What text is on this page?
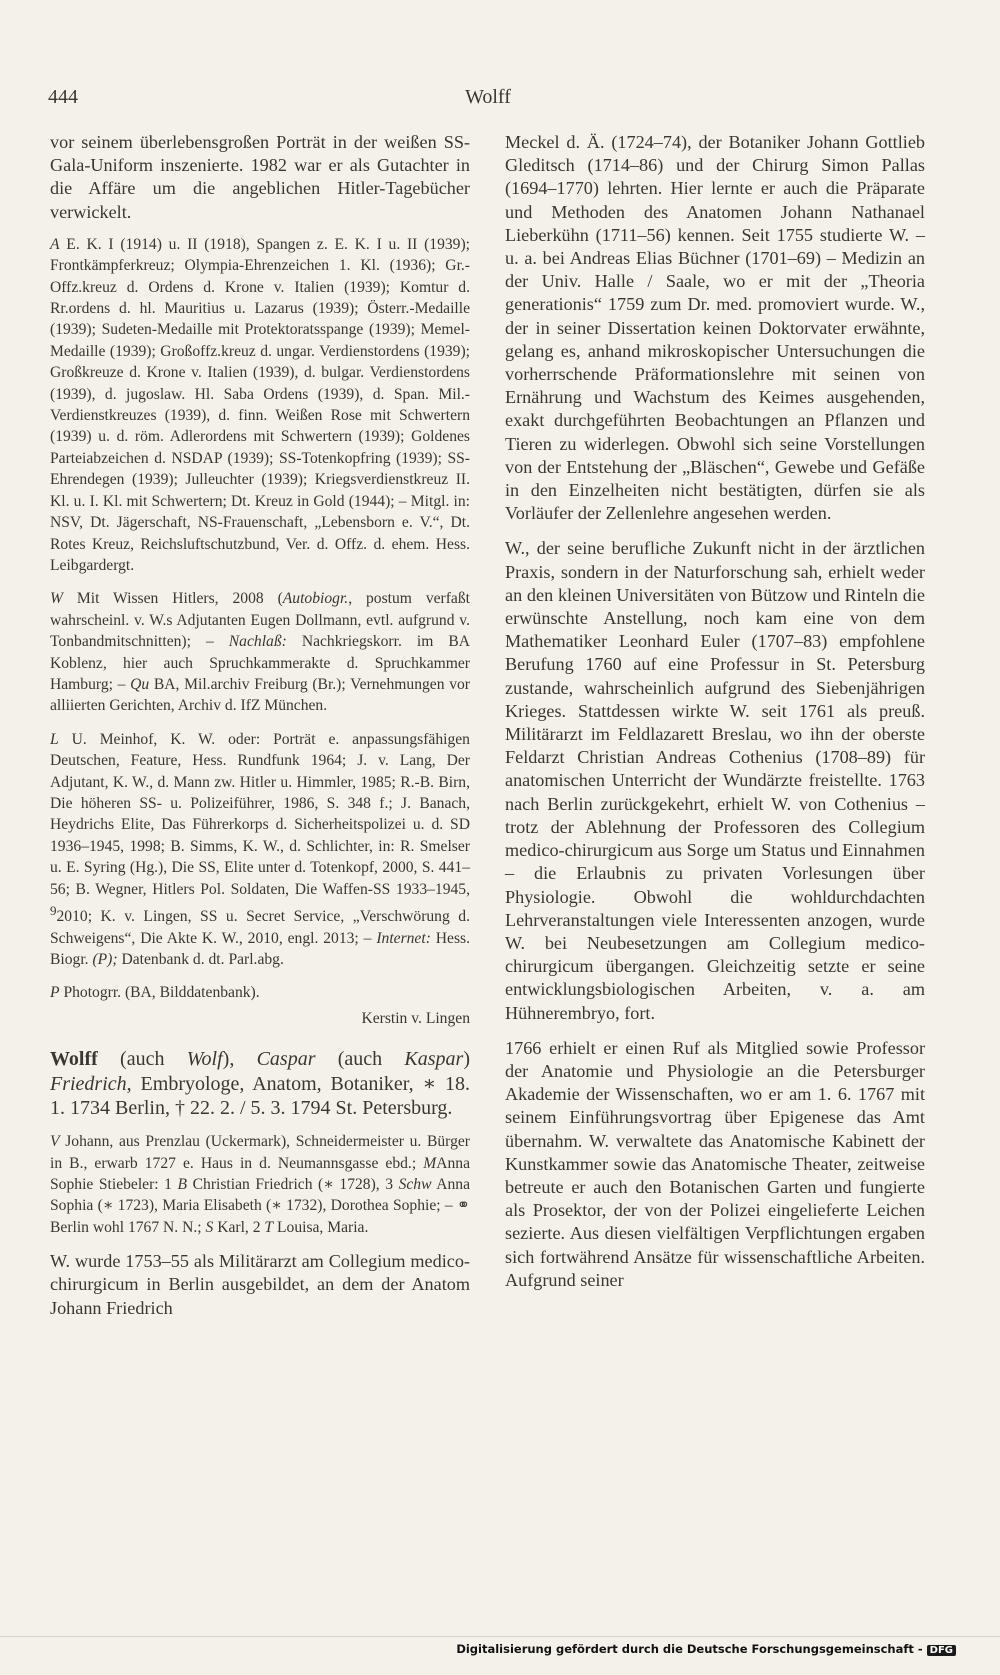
444	Wolff

vor seinem überlebensgroßen Porträt in der weißen SS-Gala-Uniform inszenierte. 1982 war er als Gutachter in die Affäre um die angeblichen Hitler-Tagebücher verwickelt.

A E. K. I (1914) u. II (1918), Spangen z. E. K. I u. II (1939); Frontkämpferkreuz; Olympia-Ehrenzeichen 1. Kl. (1936); Gr.-Offz.kreuz d. Ordens d. Krone v. Italien (1939); Komtur d. Rr.ordens d. hl. Mauritius u. Lazarus (1939); Österr.-Medaille (1939); Sudeten-Medaille mit Protektoratsspange (1939); Memel-Medaille (1939); Großoffz.kreuz d. ungar. Verdienstordens (1939); Großkreuze d. Krone v. Italien (1939), d. bulgar. Verdienstordens (1939), d. jugoslaw. Hl. Saba Ordens (1939), d. Span. Mil.-Verdienstkreuzes (1939), d. finn. Weißen Rose mit Schwertern (1939) u. d. röm. Adlerordens mit Schwertern (1939); Goldenes Parteiabzeichen d. NSDAP (1939); SS-Totenkopfring (1939); SS-Ehrendegen (1939); Julleuchter (1939); Kriegsverdienstkreuz II. Kl. u. I. Kl. mit Schwertern; Dt. Kreuz in Gold (1944); – Mitgl. in: NSV, Dt. Jägerschaft, NS-Frauenschaft, „Lebensborn e. V.“, Dt. Rotes Kreuz, Reichsluftschutzbund, Ver. d. Offz. d. ehem. Hess. Leibgardergt.

W Mit Wissen Hitlers, 2008 (Autobiogr., postum verfaßt wahrscheinl. v. W.s Adjutanten Eugen Dollmann, evtl. aufgrund v. Tonbandmitschnitten); – Nachlaß: Nachkriegskorr. im BA Koblenz, hier auch Spruchkammerakte d. Spruchkammer Hamburg; – Qu BA, Mil.archiv Freiburg (Br.); Vernehmungen vor alliierten Gerichten, Archiv d. IfZ München.

L U. Meinhof, K. W. oder: Porträt e. anpassungsfähigen Deutschen, Feature, Hess. Rundfunk 1964; J. v. Lang, Der Adjutant, K. W., d. Mann zw. Hitler u. Himmler, 1985; R.-B. Birn, Die höheren SS- u. Polizeiführer, 1986, S. 348 f.; J. Banach, Heydrichs Elite, Das Führerkorps d. Sicherheitspolizei u. d. SD 1936–1945, 1998; B. Simms, K. W., d. Schlichter, in: R. Smelser u. E. Syring (Hg.), Die SS, Elite unter d. Totenkopf, 2000, S. 441–56; B. Wegner, Hitlers Pol. Soldaten, Die Waffen-SS 1933–1945, $^9$2010; K. v. Lingen, SS u. Secret Service, „Verschwörung d. Schweigens“, Die Akte K. W., 2010, engl. 2013; – Internet: Hess. Biogr. (P); Datenbank d. dt. Parl.abg.

P Photogrr. (BA, Bilddatenbank).

Kerstin v. Lingen

Wolff (auch Wolf), Caspar (auch Kaspar) Friedrich, Embryologe, Anatom, Botaniker, ∗ 18. 1. 1734 Berlin, † 22. 2. / 5. 3. 1794 St. Petersburg.

V Johann, aus Prenzlau (Uckermark), Schneidermeister u. Bürger in B., erwarb 1727 e. Haus in d. Neumannsgasse ebd.; MAnna Sophie Stiebeler: 1 B Christian Friedrich (∗ 1728), 3 Schw Anna Sophia (∗ 1723), Maria Elisabeth (∗ 1732), Dorothea Sophie; – ⚭ Berlin wohl 1767 N. N.; S Karl, 2 T Louisa, Maria.

W. wurde 1753–55 als Militärarzt am Collegium medico-chirurgicum in Berlin ausgebildet, an dem der Anatom Johann Friedrich

Meckel d. Ä. (1724–74), der Botaniker Johann Gottlieb Gleditsch (1714–86) und der Chirurg Simon Pallas (1694–1770) lehrten. Hier lernte er auch die Präparate und Methoden des Anatomen Johann Nathanael Lieberkühn (1711–56) kennen. Seit 1755 studierte W. – u. a. bei Andreas Elias Büchner (1701–69) – Medizin an der Univ. Halle / Saale, wo er mit der „Theoria generationis“ 1759 zum Dr. med. promoviert wurde. W., der in seiner Dissertation keinen Doktorvater erwähnte, gelang es, anhand mikroskopischer Untersuchungen die vorherrschende Präformationslehre mit seinen von Ernährung und Wachstum des Keimes ausgehenden, exakt durchgeführten Beobachtungen an Pflanzen und Tieren zu widerlegen. Obwohl sich seine Vorstellungen von der Entstehung der „Bläschen“, Gewebe und Gefäße in den Einzelheiten nicht bestätigten, dürfen sie als Vorläufer der Zellenlehre angesehen werden.

W., der seine berufliche Zukunft nicht in der ärztlichen Praxis, sondern in der Naturforschung sah, erhielt weder an den kleinen Universitäten von Bützow und Rinteln die erwünschte Anstellung, noch kam eine von dem Mathematiker Leonhard Euler (1707–83) empfohlene Berufung 1760 auf eine Professur in St. Petersburg zustande, wahrscheinlich aufgrund des Siebenjährigen Krieges. Stattdessen wirkte W. seit 1761 als preuß. Militärarzt im Feldlazarett Breslau, wo ihn der oberste Feldarzt Christian Andreas Cothenius (1708–89) für anatomischen Unterricht der Wundärzte freistellte. 1763 nach Berlin zurückgekehrt, erhielt W. von Cothenius – trotz der Ablehnung der Professoren des Collegium medico-chirurgicum aus Sorge um Status und Einnahmen – die Erlaubnis zu privaten Vorlesungen über Physiologie. Obwohl die wohldurchdachten Lehrveranstaltungen viele Interessenten anzogen, wurde W. bei Neubesetzungen am Collegium medico-chirurgicum übergangen. Gleichzeitig setzte er seine entwicklungsbiologischen Arbeiten, v. a. am Hühnerembryo, fort.

1766 erhielt er einen Ruf als Mitglied sowie Professor der Anatomie und Physiologie an die Petersburger Akademie der Wissenschaften, wo er am 1. 6. 1767 mit seinem Einführungsvortrag über Epigenese das Amt übernahm. W. verwaltete das Anatomische Kabinett der Kunstkammer sowie das Anatomische Theater, zeitweise betreute er auch den Botanischen Garten und fungierte als Prosektor, der von der Polizei eingelieferte Leichen sezierte. Aus diesen vielfältigen Verpflichtungen ergaben sich fortwährend Ansätze für wissenschaftliche Arbeiten. Aufgrund seiner

Digitalisierung gefördert durch die Deutsche Forschungsgemeinschaft - DFG
